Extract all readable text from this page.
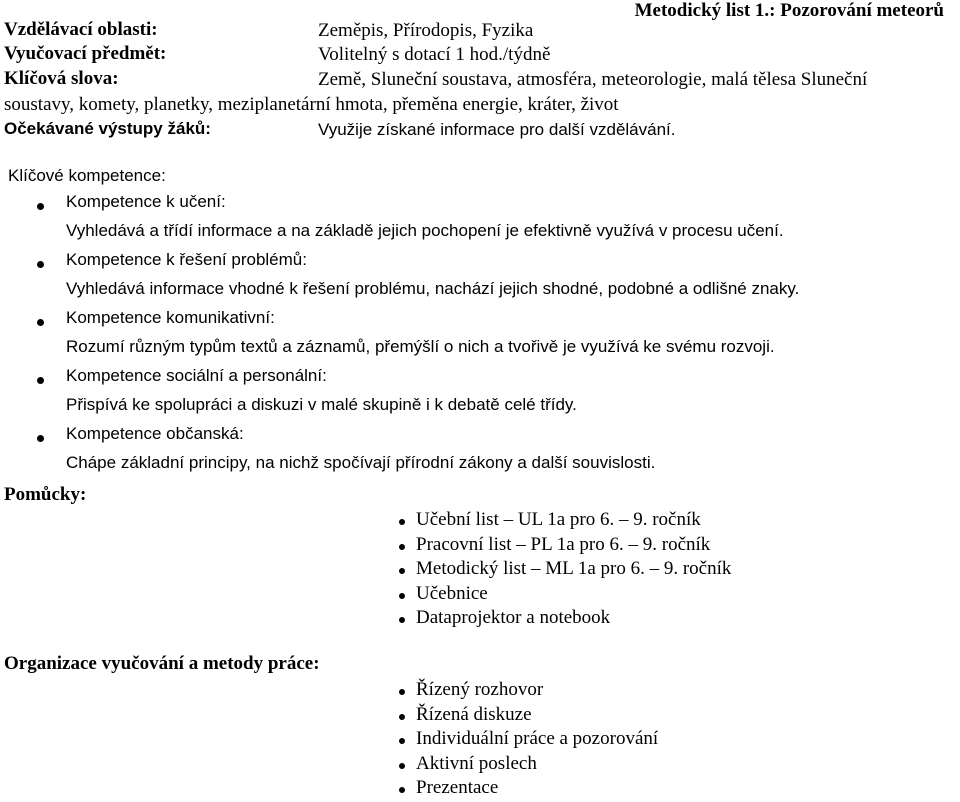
Metodický list 1.: Pozorování meteorů
Vzdělávací oblasti:	Zeměpis, Přírodopis, Fyzika
Vyučovací předmět:	Volitelný s dotací 1 hod./týdně
Klíčová slova:	Země, Sluneční soustava, atmosféra, meteorologie, malá tělesa Sluneční
soustavy, komety, planetky, meziplanetární hmota, přeměna energie, kráter, život
Očekávané výstupy žáků:	Využije získané informace pro další vzdělávání.
Klíčové kompetence:
Kompetence k učení:
Vyhledává a třídí informace a na základě jejich pochopení je efektivně využívá v procesu učení.
Kompetence k řešení problémů:
Vyhledává informace vhodné k řešení problému, nachází jejich shodné, podobné a odlišné znaky.
Kompetence komunikativní:
Rozumí různým typům textů a záznamů, přemýšlí o nich a tvořivě je využívá ke svému rozvoji.
Kompetence sociální a personální:
Přispívá ke spolupráci a diskuzi v malé skupině i k debatě celé třídy.
Kompetence občanská:
Chápe základní principy, na nichž spočívají přírodní zákony a další souvislosti.
Pomůcky:
Učební list – UL 1a pro 6. – 9. ročník
Pracovní list – PL 1a pro 6. – 9. ročník
Metodický list – ML 1a pro 6. – 9. ročník
Učebnice
Dataprojektor a notebook
Organizace vyučování a metody práce:
Řízený rozhovor
Řízená diskuze
Individuální práce a pozorování
Aktivní poslech
Prezentace
